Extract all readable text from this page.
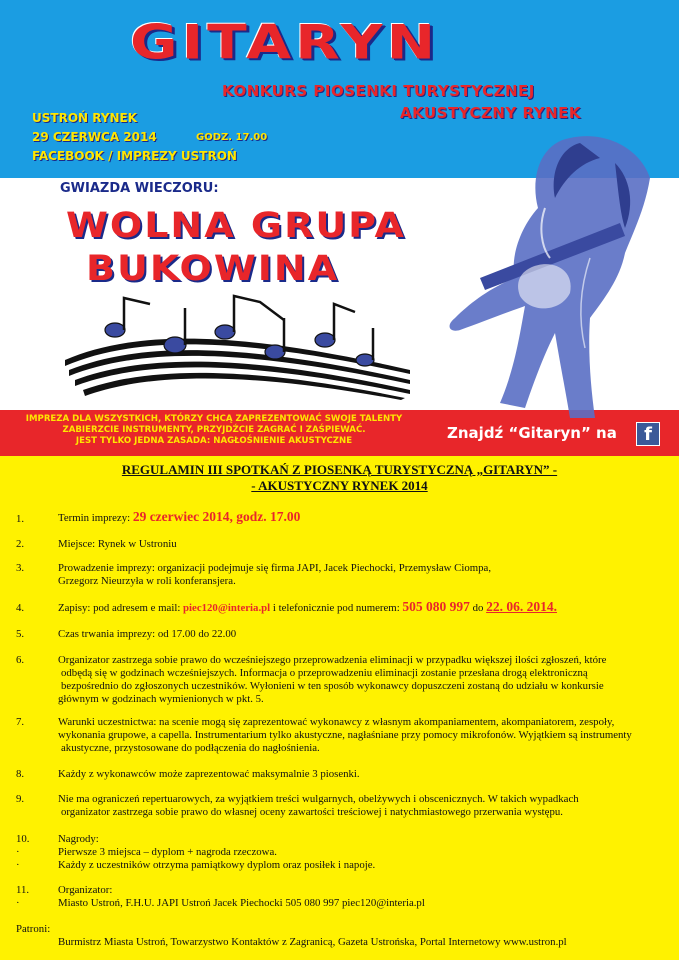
GITARYN
KONKURS PIOSENKI TURYSTYCZNEJ
AKUSTYCZNY RYNEK
USTROŃ RYNEK
29 CZERWCA 2014	GODZ. 17.00
FACEBOOK / IMPREZY USTROŃ
GWIAZDA WIECZORU:
WOLNA GRUPA
BUKOWINA
IMPREZA DLA WSZYSTKICH, KTÓRZY CHCĄ ZAPREZENTOWAĆ SWOJE TALENTY
ZABIERZCIE INSTRUMENTY, PRZYJDŹCIE ZAGRAĆ I ZAŚPIEWAĆ.
JEST TYLKO JEDNA ZASADA: NAGŁOŚNIENIE AKUSTYCZNE	Znajdź “Gitaryn” na	f
REGULAMIN III SPOTKAŃ Z PIOSENKĄ TURYSTYCZNĄ „GITARYN” -
- AKUSTYCZNY RYNEK 2014
1.	Termin imprezy: 29 czerwiec 2014, godz. 17.00
2.	Miejsce: Rynek w Ustroniu
3.	Prowadzenie imprezy: organizacji podejmuje się firma JAPI, Jacek Piechocki, Przemysław Ciompa,
Grzegorz Nieurzyła w roli konferansjera.
4.	Zapisy: pod adresem e mail: piec120@interia.pl i telefonicznie pod numerem: 505 080 997 do 22. 06. 2014.
5.	Czas trwania imprezy: od 17.00 do 22.00
6.	Organizator zastrzega sobie prawo do wcześniejszego przeprowadzenia eliminacji w przypadku większej ilości zgłoszeń, które
odbędą się w godzinach wcześniejszych. Informacja o przeprowadzeniu eliminacji zostanie przesłana drogą elektroniczną
bezpośrednio do zgłoszonych uczestników. Wyłonieni w ten sposób wykonawcy dopuszczeni zostaną do udziału w konkursie
głównym w godzinach wymienionych w pkt. 5.
7.	Warunki uczestnictwa: na scenie mogą się zaprezentować wykonawcy z własnym akompaniamentem, akompaniatorem, zespoły,
wykonania grupowe, a capella. Instrumentarium tylko akustyczne, nagłaśniane przy pomocy mikrofonów. Wyjątkiem są instrumenty
akustyczne, przystosowane do podłączenia do nagłośnienia.
8.	Każdy z wykonawców może zaprezentować maksymalnie 3 piosenki.
9.	Nie ma ograniczeń repertuarowych, za wyjątkiem treści wulgarnych, obelżywych i obscenicznych. W takich wypadkach
organizator zastrzega sobie prawo do własnej oceny zawartości treściowej i natychmiastowego przerwania występu.
10.	Nagrody:
·	Pierwsze 3 miejsca – dyplom + nagroda rzeczowa.
·	Każdy z uczestników otrzyma pamiątkowy dyplom oraz posiłek i napoje.
11.	Organizator:
·	Miasto Ustroń, F.H.U. JAPI Ustroń Jacek Piechocki 505 080 997 piec120@interia.pl
Patroni:
Burmistrz Miasta Ustroń, Towarzystwo Kontaktów z Zagranicą, Gazeta Ustrońska, Portal Internetowy www.ustron.pl
